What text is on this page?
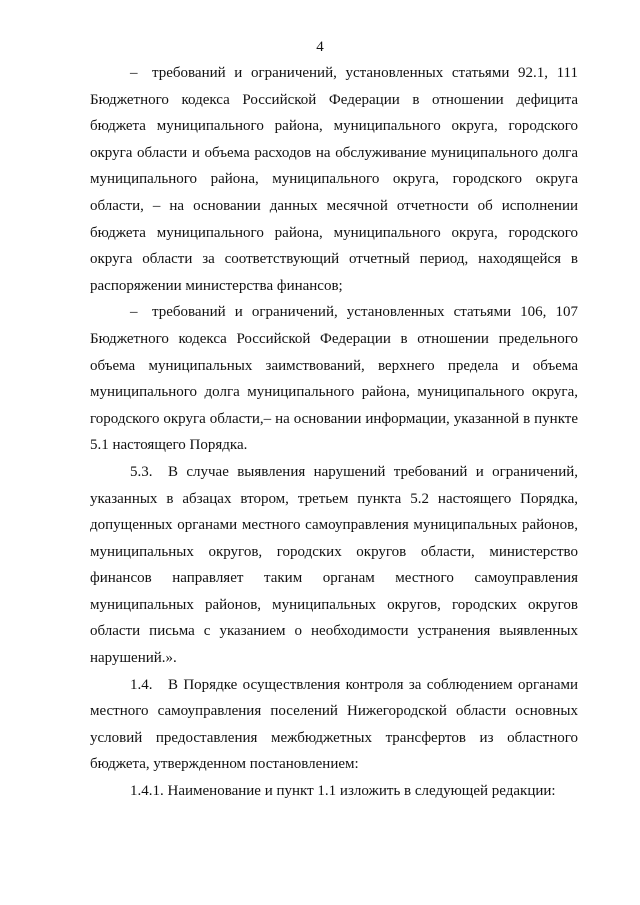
4

– требований и ограничений, установленных статьями 92.1, 111 Бюджетного кодекса Российской Федерации в отношении дефицита бюджета муниципального района, муниципального округа, городского округа области и объема расходов на обслуживание муниципального долга муниципального района, муниципального округа, городского округа области, – на основании данных месячной отчетности об исполнении бюджета муниципального района, муниципального округа, городского округа области за соответствующий отчетный период, находящейся в распоряжении министерства финансов;

– требований и ограничений, установленных статьями 106, 107 Бюджетного кодекса Российской Федерации в отношении предельного объема муниципальных заимствований, верхнего предела и объема муниципального долга муниципального района, муниципального округа, городского округа области,– на основании информации, указанной в пункте 5.1 настоящего Порядка.

5.3. В случае выявления нарушений требований и ограничений, указанных в абзацах втором, третьем пункта 5.2 настоящего Порядка, допущенных органами местного самоуправления муниципальных районов, муниципальных округов, городских округов области, министерство финансов направляет таким органам местного самоуправления муниципальных районов, муниципальных округов, городских округов области письма с указанием о необходимости устранения выявленных нарушений.».

1.4. В Порядке осуществления контроля за соблюдением органами местного самоуправления поселений Нижегородской области основных условий предоставления межбюджетных трансфертов из областного бюджета, утвержденном постановлением:

1.4.1. Наименование и пункт 1.1 изложить в следующей редакции:
